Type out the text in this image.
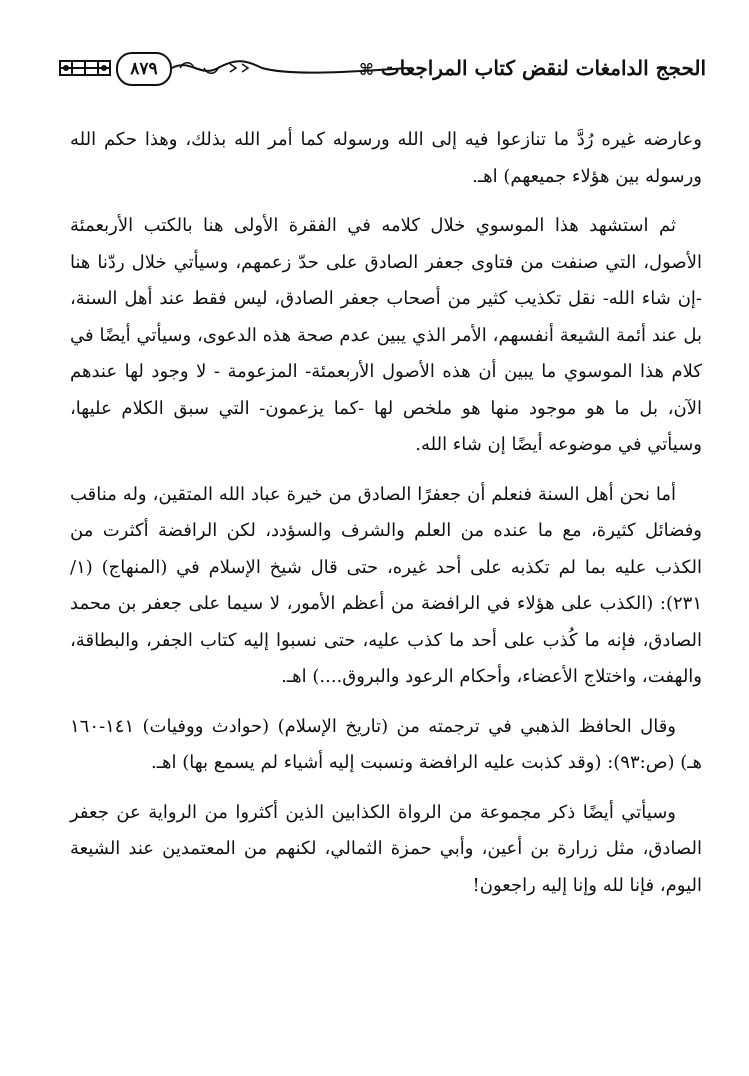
٨٧٩	الحجج الدامغات لنقض كتاب المراجعات ⌘

وعارضه غيره رُدَّ ما تنازعوا فيه إلى الله ورسوله كما أمر الله بذلك، وهذا حكم الله ورسوله بين هؤلاء جميعهم) اهـ.

ثم استشهد هذا الموسوي خلال كلامه في الفقرة الأولى هنا بالكتب الأربعمئة الأصول، التي صنفت من فتاوى جعفر الصادق على حدّ زعمهم، وسيأتي خلال ردّنا هنا -إن شاء الله- نقل تكذيب كثير من أصحاب جعفر الصادق، ليس فقط عند أهل السنة، بل عند أئمة الشيعة أنفسهم، الأمر الذي يبين عدم صحة هذه الدعوى، وسيأتي أيضًا في كلام هذا الموسوي ما يبين أن هذه الأصول الأربعمئة- المزعومة - لا وجود لها عندهم الآن، بل ما هو موجود منها هو ملخص لها -كما يزعمون- التي سبق الكلام عليها، وسيأتي في موضوعه أيضًا إن شاء الله.

أما نحن أهل السنة فنعلم أن جعفرًا الصادق من خيرة عباد الله المتقين، وله مناقب وفضائل كثيرة، مع ما عنده من العلم والشرف والسؤدد، لكن الرافضة أكثرت من الكذب عليه بما لم تكذبه على أحد غيره، حتى قال شيخ الإسلام في (المنهاج) (١/ ٢٣١): (الكذب على هؤلاء في الرافضة من أعظم الأمور، لا سيما على جعفر بن محمد الصادق، فإنه ما كُذب على أحد ما كذب عليه، حتى نسبوا إليه كتاب الجفر، والبطاقة، والهفت، واختلاج الأعضاء، وأحكام الرعود والبروق....) اهـ.

وقال الحافظ الذهبي في ترجمته من (تاريخ الإسلام) (حوادث ووفيات) ١٤١-١٦٠ هـ) (ص:٩٣): (وقد كذبت عليه الرافضة ونسبت إليه أشياء لم يسمع بها) اهـ.

وسيأتي أيضًا ذكر مجموعة من الرواة الكذابين الذين أكثروا من الرواية عن جعفر الصادق، مثل زرارة بن أعين، وأبي حمزة الثمالي، لكنهم من المعتمدين عند الشيعة اليوم، فإنا لله وإنا إليه راجعون!
